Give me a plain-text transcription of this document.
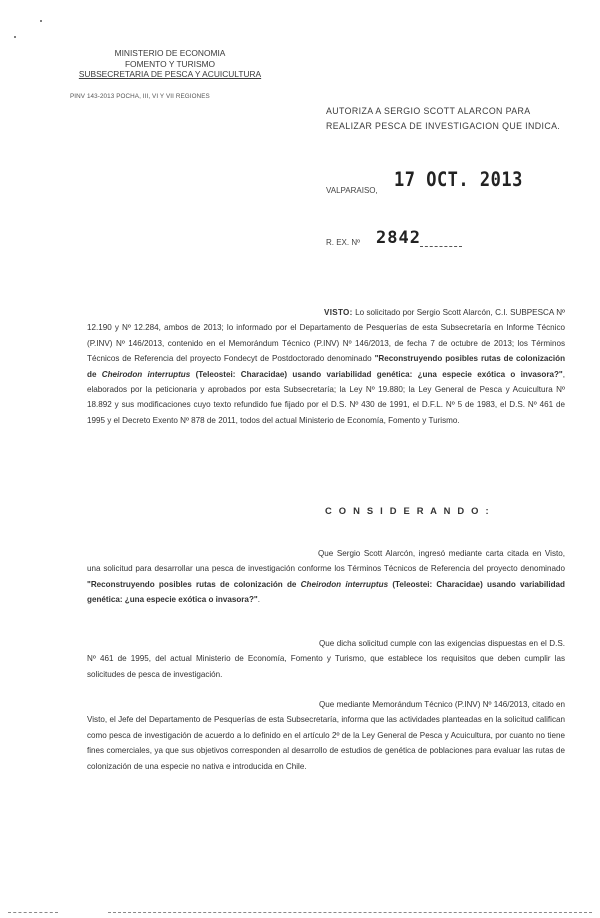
MINISTERIO DE ECONOMIA
FOMENTO Y TURISMO
SUBSECRETARIA DE PESCA Y ACUICULTURA
PINV 143-2013 POCHA, III, VI Y VII REGIONES
AUTORIZA A SERGIO SCOTT ALARCON PARA REALIZAR PESCA DE INVESTIGACION QUE INDICA.
VALPARAISO, 17 OCT. 2013
R. EX. Nº 2842
VISTO: Lo solicitado por Sergio Scott Alarcón, C.I. SUBPESCA Nº 12.190 y Nº 12.284, ambos de 2013; lo informado por el Departamento de Pesquerías de esta Subsecretaría en Informe Técnico (P.INV) Nº 146/2013, contenido en el Memorándum Técnico (P.INV) Nº 146/2013, de fecha 7 de octubre de 2013; los Términos Técnicos de Referencia del proyecto Fondecyt de Postdoctorado denominado "Reconstruyendo posibles rutas de colonización de Cheirodon interruptus (Teleostei: Characidae) usando variabilidad genética: ¿una especie exótica o invasora?", elaborados por la peticionaria y aprobados por esta Subsecretaría; la Ley Nº 19.880; la Ley General de Pesca y Acuicultura Nº 18.892 y sus modificaciones cuyo texto refundido fue fijado por el D.S. Nº 430 de 1991, el D.F.L. Nº 5 de 1983, el D.S. Nº 461 de 1995 y el Decreto Exento Nº 878 de 2011, todos del actual Ministerio de Economía, Fomento y Turismo.
C O N S I D E R A N D O :
Que Sergio Scott Alarcón, ingresó mediante carta citada en Visto, una solicitud para desarrollar una pesca de investigación conforme los Términos Técnicos de Referencia del proyecto denominado "Reconstruyendo posibles rutas de colonización de Cheirodon interruptus (Teleostei: Characidae) usando variabilidad genética: ¿una especie exótica o invasora?".
Que dicha solicitud cumple con las exigencias dispuestas en el D.S. Nº 461 de 1995, del actual Ministerio de Economía, Fomento y Turismo, que establece los requisitos que deben cumplir las solicitudes de pesca de investigación.
Que mediante Memorándum Técnico (P.INV) Nº 146/2013, citado en Visto, el Jefe del Departamento de Pesquerías de esta Subsecretaría, informa que las actividades planteadas en la solicitud califican como pesca de investigación de acuerdo a lo definido en el artículo 2º de la Ley General de Pesca y Acuicultura, por cuanto no tiene fines comerciales, ya que sus objetivos corresponden al desarrollo de estudios de genética de poblaciones para evaluar las rutas de colonización de una especie no nativa e introducida en Chile.
